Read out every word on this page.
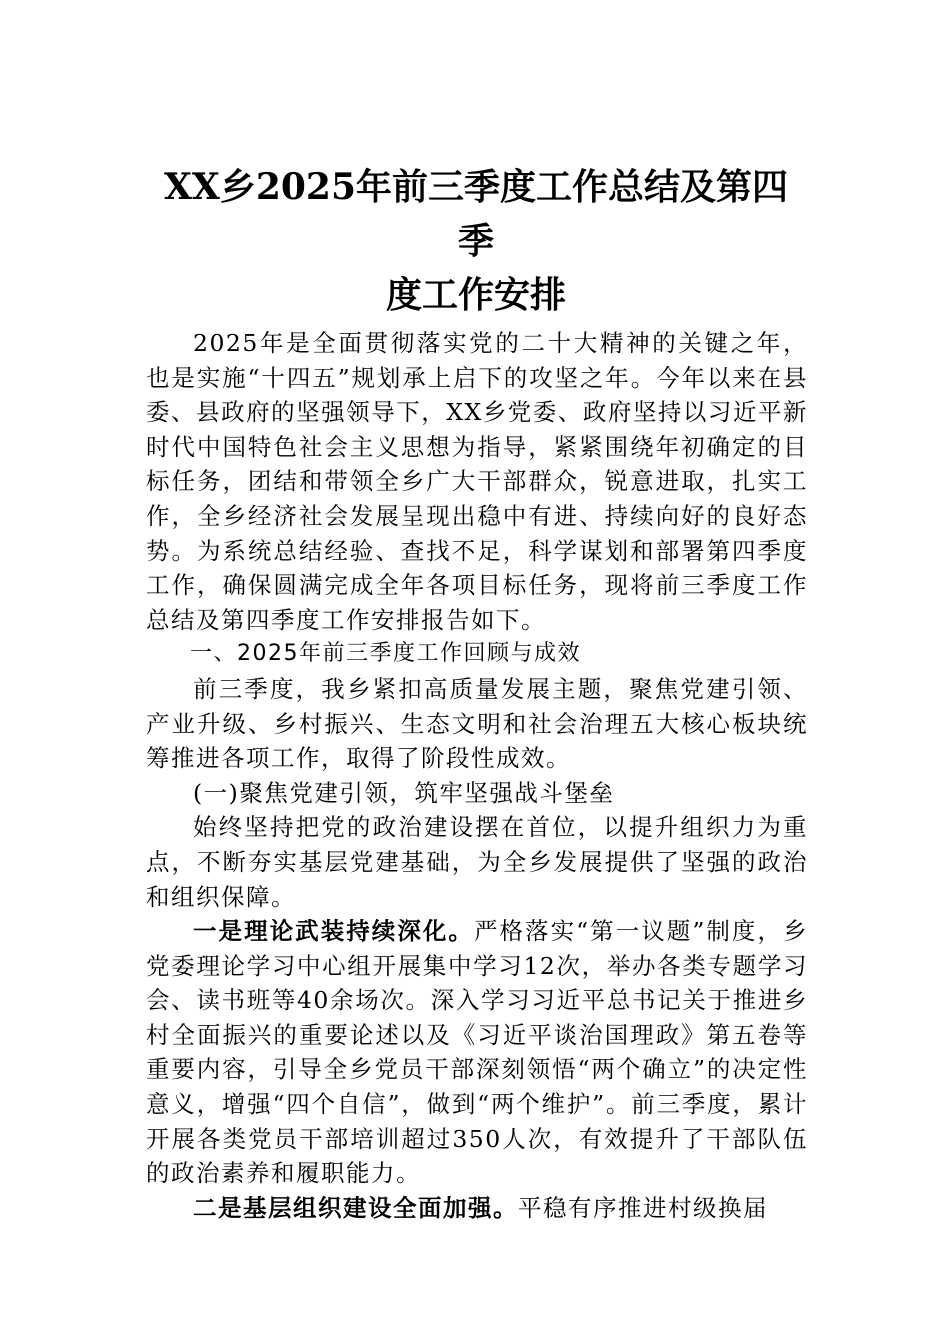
XX乡2025年前三季度工作总结及第四季
度工作安排

2025年是全面贯彻落实党的二十大精神的关键之年，也是实施“十四五”规划承上启下的攻坚之年。今年以来在县委、县政府的坚强领导下，XX乡党委、政府坚持以习近平新时代中国特色社会主义思想为指导，紧紧围绕年初确定的目标任务，团结和带领全乡广大干部群众，锐意进取，扎实工作，全乡经济社会发展呈现出稳中有进、持续向好的良好态势。为系统总结经验、查找不足，科学谋划和部署第四季度工作，确保圆满完成全年各项目标任务，现将前三季度工作总结及第四季度工作安排报告如下。

一、2025年前三季度工作回顾与成效

前三季度，我乡紧扣高质量发展主题，聚焦党建引领、产业升级、乡村振兴、生态文明和社会治理五大核心板块统筹推进各项工作，取得了阶段性成效。

(一)聚焦党建引领，筑牢坚强战斗堡垒

始终坚持把党的政治建设摆在首位，以提升组织力为重点，不断夯实基层党建基础，为全乡发展提供了坚强的政治和组织保障。

一是理论武装持续深化。严格落实“第一议题”制度，乡党委理论学习中心组开展集中学习12次，举办各类专题学习会、读书班等40余场次。深入学习习近平总书记关于推进乡村全面振兴的重要论述以及《习近平谈治国理政》第五卷等重要内容，引导全乡党员干部深刻领悟“两个确立”的决定性意义，增强“四个自信”，做到“两个维护”。前三季度，累计开展各类党员干部培训超过350人次，有效提升了干部队伍的政治素养和履职能力。

二是基层组织建设全面加强。平稳有序推进村级换届
